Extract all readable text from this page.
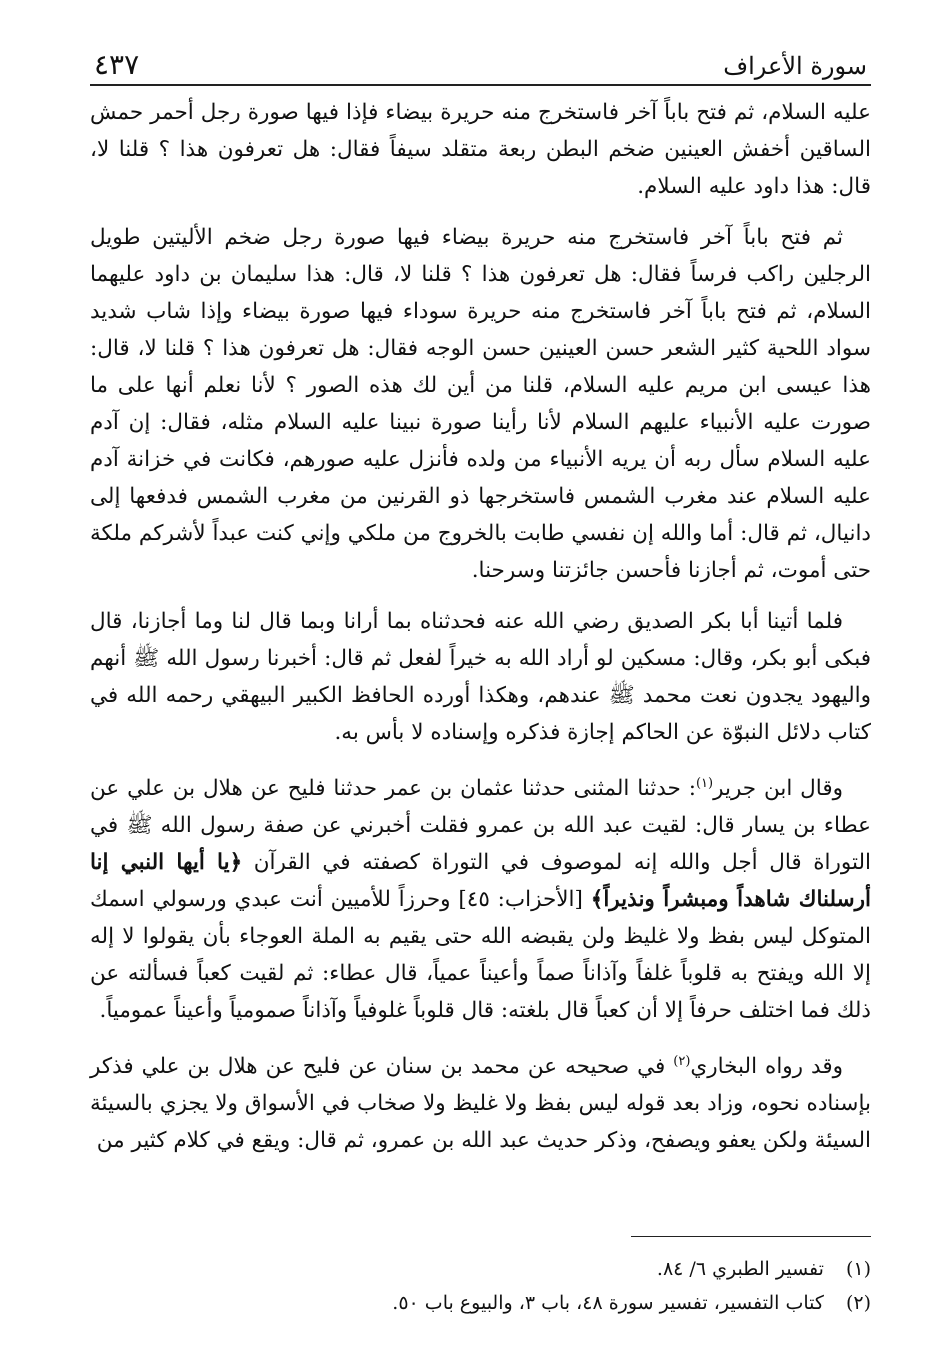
سورة الأعراف
٤٣٧

عليه السلام، ثم فتح باباً آخر فاستخرج منه حريرة بيضاء فإذا فيها صورة رجل أحمر حمش الساقين أخفش العينين ضخم البطن ربعة متقلد سيفاً فقال: هل تعرفون هذا ؟ قلنا لا، قال: هذا داود عليه السلام.

ثم فتح باباً آخر فاستخرج منه حريرة بيضاء فيها صورة رجل ضخم الأليتين طويل الرجلين راكب فرساً فقال: هل تعرفون هذا ؟ قلنا لا، قال: هذا سليمان بن داود عليهما السلام، ثم فتح باباً آخر فاستخرج منه حريرة سوداء فيها صورة بيضاء وإذا شاب شديد سواد اللحية كثير الشعر حسن العينين حسن الوجه فقال: هل تعرفون هذا ؟ قلنا لا، قال: هذا عيسى ابن مريم عليه السلام، قلنا من أين لك هذه الصور ؟ لأنا نعلم أنها على ما صورت عليه الأنبياء عليهم السلام لأنا رأينا صورة نبينا عليه السلام مثله، فقال: إن آدم عليه السلام سأل ربه أن يريه الأنبياء من ولده فأنزل عليه صورهم، فكانت في خزانة آدم عليه السلام عند مغرب الشمس فاستخرجها ذو القرنين من مغرب الشمس فدفعها إلى دانيال، ثم قال: أما والله إن نفسي طابت بالخروج من ملكي وإني كنت عبداً لأشركم ملكة حتى أموت، ثم أجازنا فأحسن جائزتنا وسرحنا.

فلما أتينا أبا بكر الصديق رضي الله عنه فحدثناه بما أرانا وبما قال لنا وما أجازنا، قال فبكى أبو بكر، وقال: مسكين لو أراد الله به خيراً لفعل ثم قال: أخبرنا رسول الله ﷺ أنهم واليهود يجدون نعت محمد ﷺ عندهم، وهكذا أورده الحافظ الكبير البيهقي رحمه الله في كتاب دلائل النبوّة عن الحاكم إجازة فذكره وإسناده لا بأس به.

وقال ابن جرير$^{(١)}$: حدثنا المثنى حدثنا عثمان بن عمر حدثنا فليح عن هلال بن علي عن عطاء بن يسار قال: لقيت عبد الله بن عمرو فقلت أخبرني عن صفة رسول الله ﷺ في التوراة قال أجل والله إنه لموصوف في التوراة كصفته في القرآن ﴿يا أيها النبي إنا أرسلناك شاهداً ومبشراً ونذيراً﴾ [الأحزاب: ٤٥] وحرزاً للأميين أنت عبدي ورسولي اسمك المتوكل ليس بفظ ولا غليظ ولن يقبضه الله حتى يقيم به الملة العوجاء بأن يقولوا لا إله إلا الله ويفتح به قلوباً غلفاً وآذاناً صماً وأعيناً عمياً، قال عطاء: ثم لقيت كعباً فسألته عن ذلك فما اختلف حرفاً إلا أن كعباً قال بلغته: قال قلوباً غلوفياً وآذاناً صمومياً وأعيناً عمومياً.

وقد رواه البخاري$^{(٢)}$ في صحيحه عن محمد بن سنان عن فليح عن هلال بن علي فذكر بإسناده نحوه، وزاد بعد قوله ليس بفظ ولا غليظ ولا صخاب في الأسواق ولا يجزي بالسيئة السيئة ولكن يعفو ويصفح، وذكر حديث عبد الله بن عمرو، ثم قال: ويقع في كلام كثير من

(١)
تفسير الطبري ٦/ ٨٤.
(٢)
كتاب التفسير، تفسير سورة ٤٨، باب ٣، والبيوع باب ٥٠.
